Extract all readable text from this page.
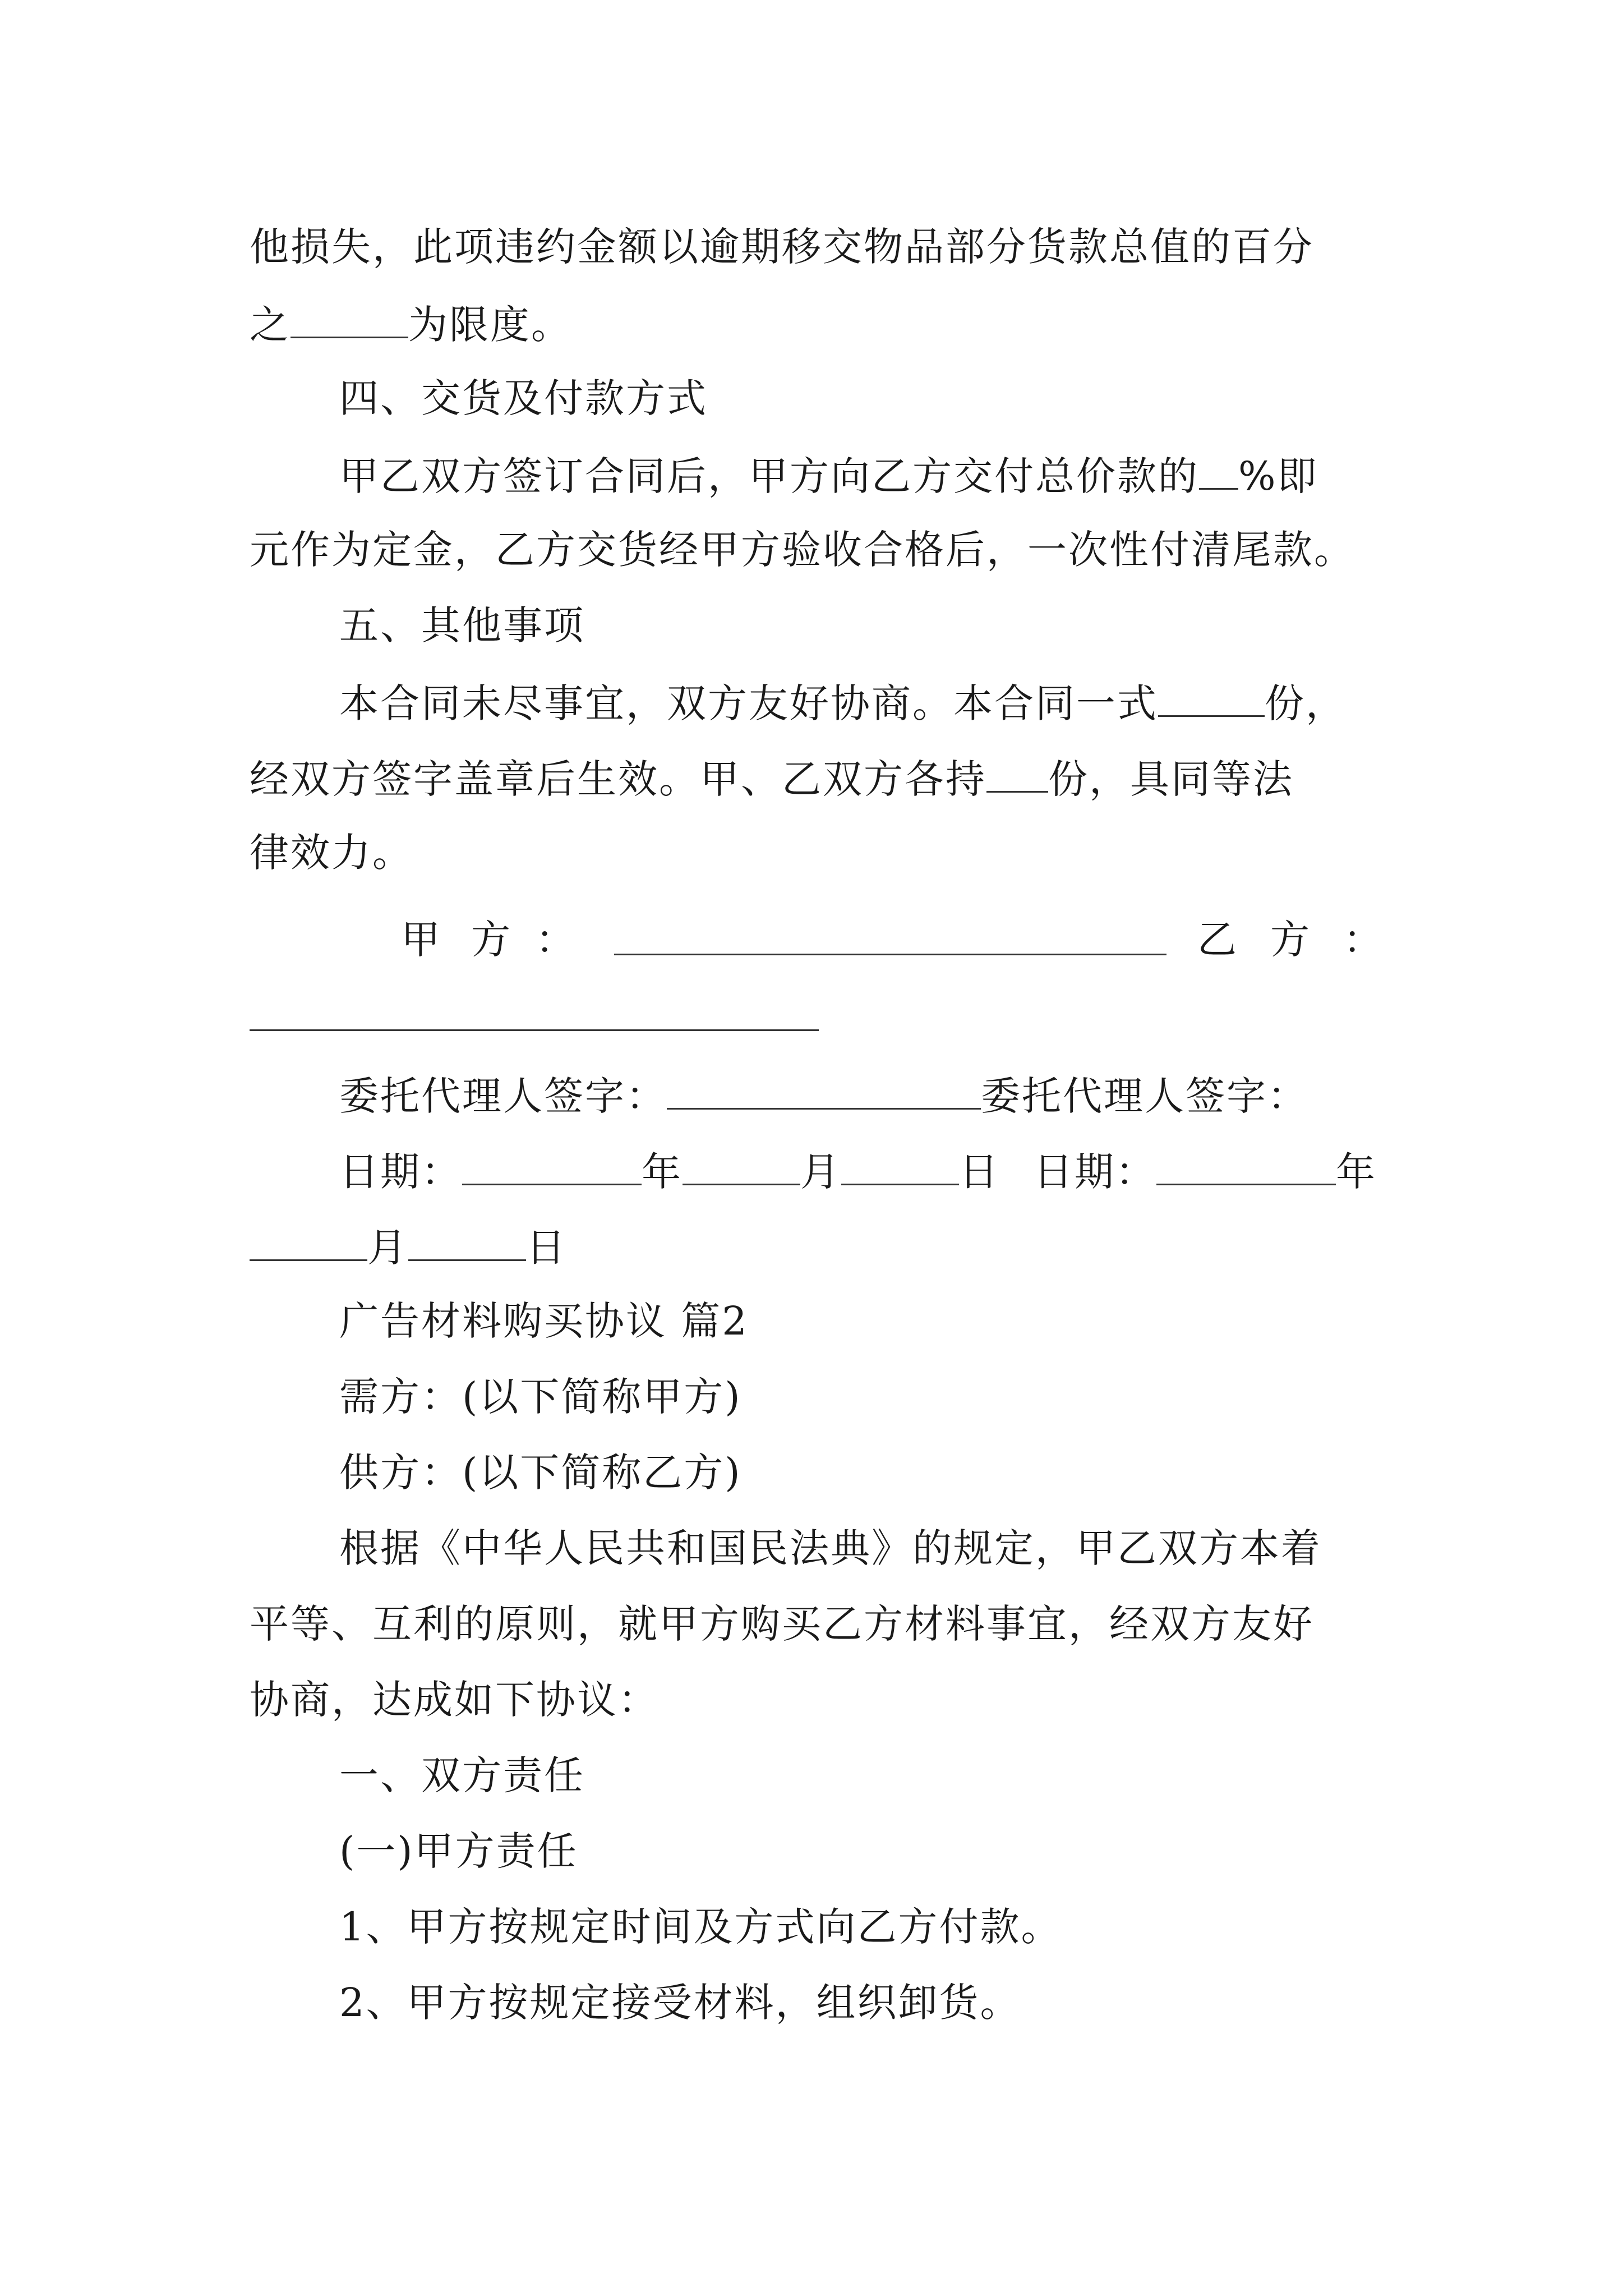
他损失，此项违约金额以逾期移交物品部分货款总值的百分
之	为限度。
四、交货及付款方式
甲乙双方签订合同后，甲方向乙方交付总价款的 %即
元作为定金，乙方交货经甲方验收合格后，一次性付清尾款。
五、其他事项
本合同未尽事宜，双方友好协商。本合同一式	份，
经双方签字盖章后生效。甲、乙双方各持 份，具同等法
律效力。
甲 方 ：	乙 方 ：
委托代理人签字：	委托代理人签字：
日期：	年	月	日 日期：	年
月	日
广告材料购买协议 篇2
需方：(以下简称甲方)
供方：(以下简称乙方)
根据《中华人民共和国民法典》的规定，甲乙双方本着
平等、互利的原则，就甲方购买乙方材料事宜，经双方友好
协商，达成如下协议：
一、双方责任
(一)甲方责任
1、甲方按规定时间及方式向乙方付款。
2、甲方按规定接受材料，组织卸货。
